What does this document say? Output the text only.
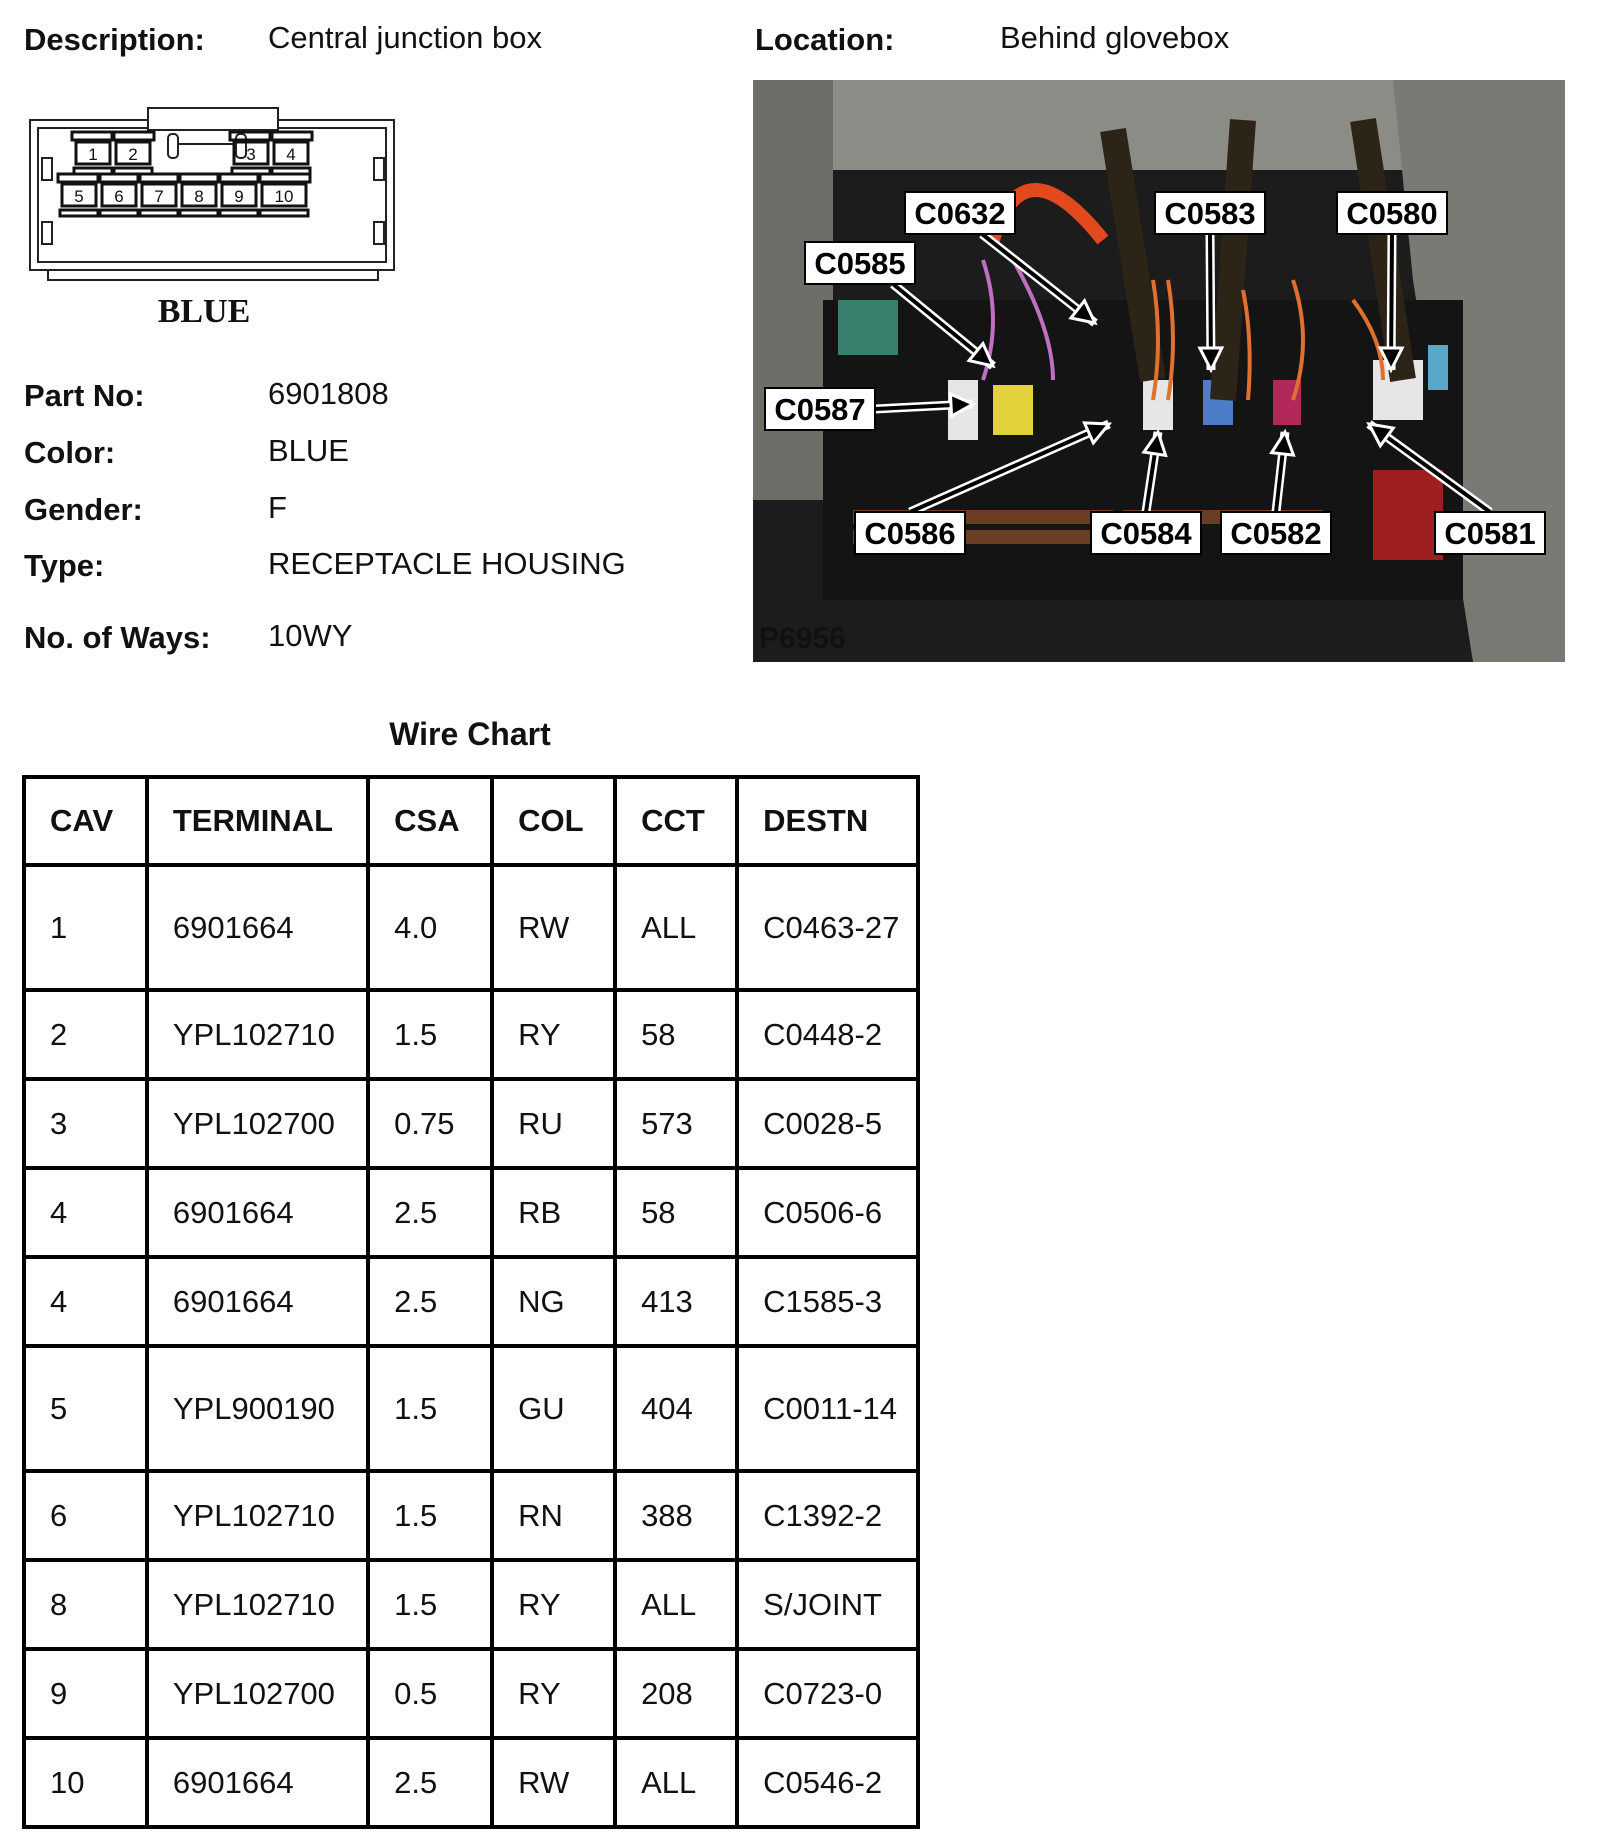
Description: Central junction box	Location:	Behind glovebox
1 2	3 4
5 6 7 8 9 10
BLUE
Part No:	6901808
Color:	BLUE
Gender:	F
Type:	RECEPTACLE HOUSING
No. of Ways: 10WY
C0632	C0583	C0580
C0585
C0587
C0586	C0584 C0582	C0581
P6956
Wire Chart
CAV	TERMINAL	CSA	COL	CCT	DESTN
1	6901664	4.0	RW	ALL	C0463-27
2	YPL102710	1.5	RY	58	C0448-2
3	YPL102700	0.75	RU	573	C0028-5
4	6901664	2.5	RB	58	C0506-6
4	6901664	2.5	NG	413	C1585-3
5	YPL900190	1.5	GU	404	C0011-14
6	YPL102710	1.5	RN	388	C1392-2
8	YPL102710	1.5	RY	ALL	S/JOINT
9	YPL102700	0.5	RY	208	C0723-0
10	6901664	2.5	RW	ALL	C0546-2
